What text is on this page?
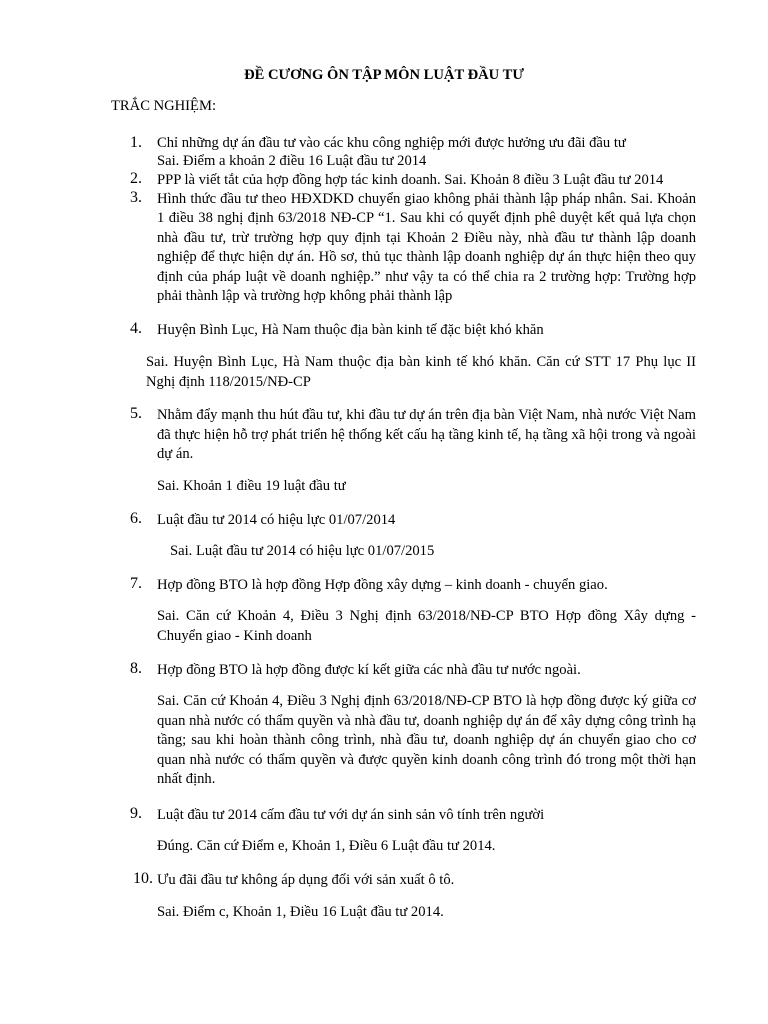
ĐỀ CƯƠNG ÔN TẬP MÔN LUẬT ĐẦU TƯ
TRẮC NGHIỆM:
1.	Chỉ những dự án đầu tư vào các khu công nghiệp mới được hưởng ưu đãi đầu tư
Sai. Điểm a khoản 2 điều 16 Luật đầu tư 2014
2.	PPP là viết tắt của hợp đồng hợp tác kinh doanh. Sai. Khoản 8 điều 3 Luật đầu tư 2014
3.	Hình thức đầu tư theo HĐXDKD chuyển giao không phải thành lập pháp nhân. Sai. Khoản 1 điều 38 nghị định 63/2018 NĐ-CP “1. Sau khi có quyết định phê duyệt kết quả lựa chọn nhà đầu tư, trừ trường hợp quy định tại Khoản 2 Điều này, nhà đầu tư thành lập doanh nghiệp để thực hiện dự án. Hồ sơ, thủ tục thành lập doanh nghiệp dự án thực hiện theo quy định của pháp luật về doanh nghiệp.” như vậy ta có thể chia ra 2 trường hợp: Trường hợp phải thành lập và trường hợp không phải thành lập
4.	Huyện Bình Lục, Hà Nam thuộc địa bàn kinh tế đặc biệt khó khăn
Sai. Huyện Bình Lục, Hà Nam thuộc địa bàn kinh tế khó khăn. Căn cứ STT 17 Phụ lục II Nghị định 118/2015/NĐ-CP
5.	Nhằm đẩy mạnh thu hút đầu tư, khi đầu tư dự án trên địa bàn Việt Nam, nhà nước Việt Nam đã thực hiện hỗ trợ phát triển hệ thống kết cấu hạ tầng kinh tế, hạ tầng xã hội trong và ngoài dự án.
Sai. Khoản 1 điều 19 luật đầu tư
6.	Luật đầu tư 2014 có hiệu lực 01/07/2014
Sai. Luật đầu tư 2014 có hiệu lực 01/07/2015
7.	Hợp đồng BTO là hợp đồng Hợp đồng xây dựng – kinh doanh - chuyển giao.
Sai. Căn cứ Khoản 4, Điều 3 Nghị định 63/2018/NĐ-CP BTO Hợp đồng Xây dựng - Chuyển giao - Kinh doanh
8.	Hợp đồng BTO là hợp đồng được kí kết giữa các nhà đầu tư nước ngoài.
Sai. Căn cứ Khoản 4, Điều 3 Nghị định 63/2018/NĐ-CP BTO là hợp đồng được ký giữa cơ quan nhà nước có thẩm quyền và nhà đầu tư, doanh nghiệp dự án để xây dựng công trình hạ tầng; sau khi hoàn thành công trình, nhà đầu tư, doanh nghiệp dự án chuyển giao cho cơ quan nhà nước có thẩm quyền và được quyền kinh doanh công trình đó trong một thời hạn nhất định.
9.	Luật đầu tư 2014 cấm đầu tư với dự án sinh sản vô tính trên người
Đúng. Căn cứ Điểm e, Khoản 1, Điều 6 Luật đầu tư 2014.
10. Ưu đãi đầu tư không áp dụng đối với sản xuất ô tô.
Sai. Điểm c, Khoản 1, Điều 16 Luật đầu tư 2014.
